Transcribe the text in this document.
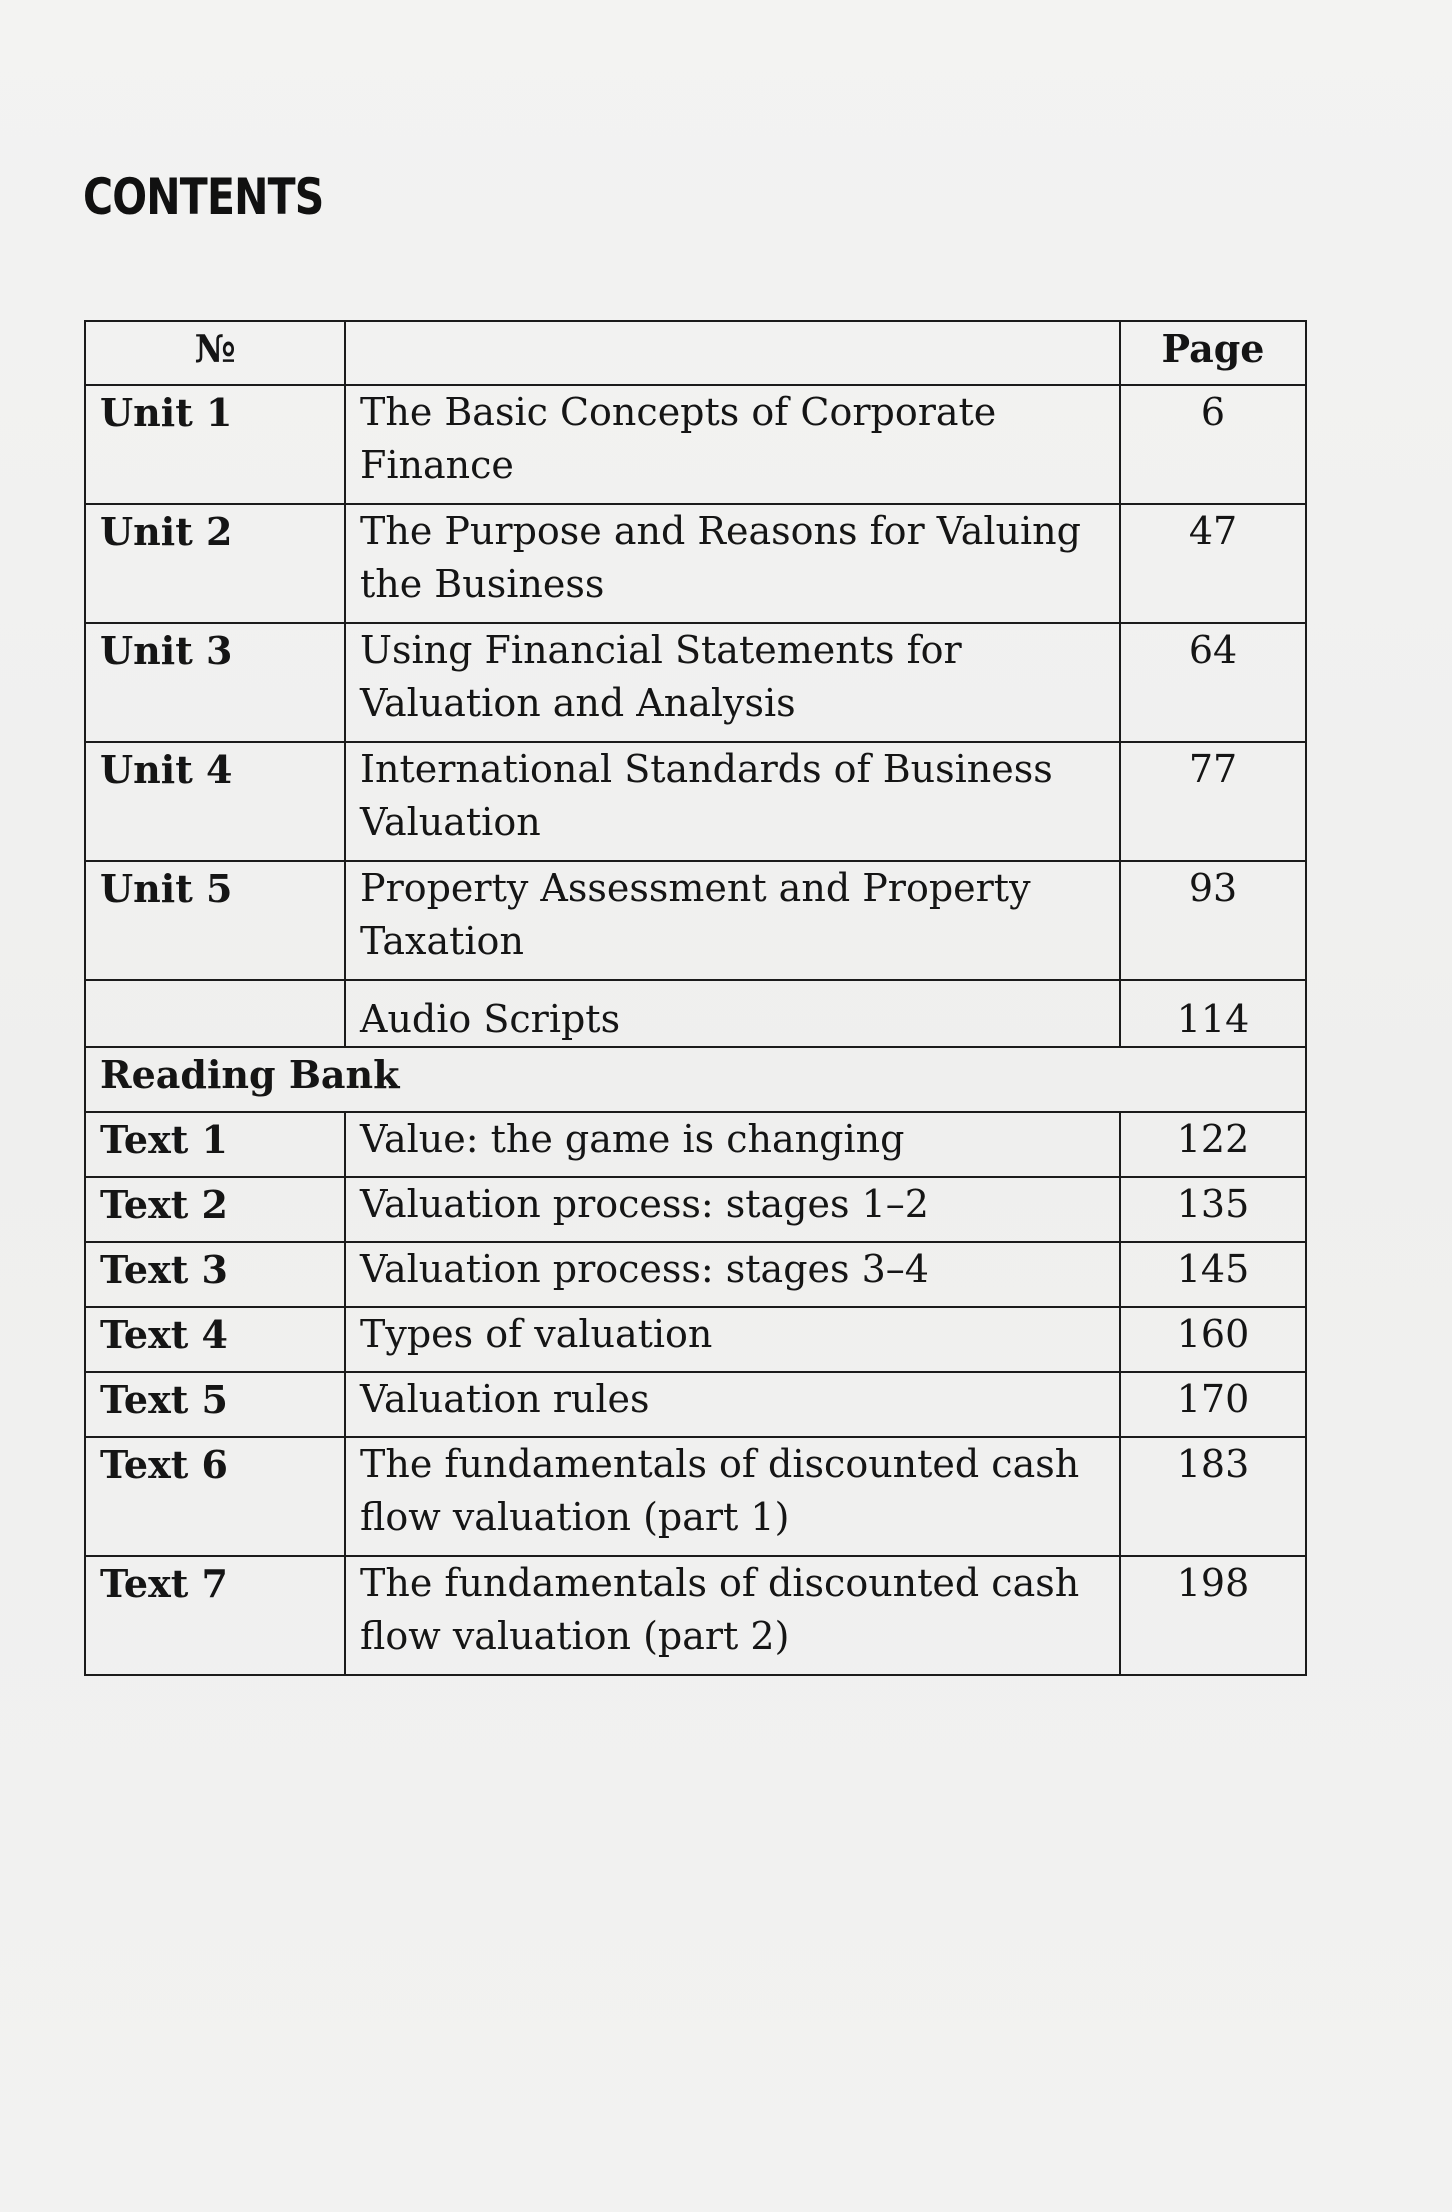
CONTENTS
№		Page
Unit 1	The Basic Concepts of Corporate Finance	6
Unit 2	The Purpose and Reasons for Valuing the Business	47
Unit 3	Using Financial Statements for Valuation and Analysis	64
Unit 4	International Standards of Business Valuation	77
Unit 5	Property Assessment and Property Taxation	93
	Audio Scripts	114
Reading Bank		
Text 1	Value: the game is changing	122
Text 2	Valuation process: stages 1–2	135
Text 3	Valuation process: stages 3–4	145
Text 4	Types of valuation	160
Text 5	Valuation rules	170
Text 6	The fundamentals of discounted cash flow valuation (part 1)	183
Text 7	The fundamentals of discounted cash flow valuation (part 2)	198
